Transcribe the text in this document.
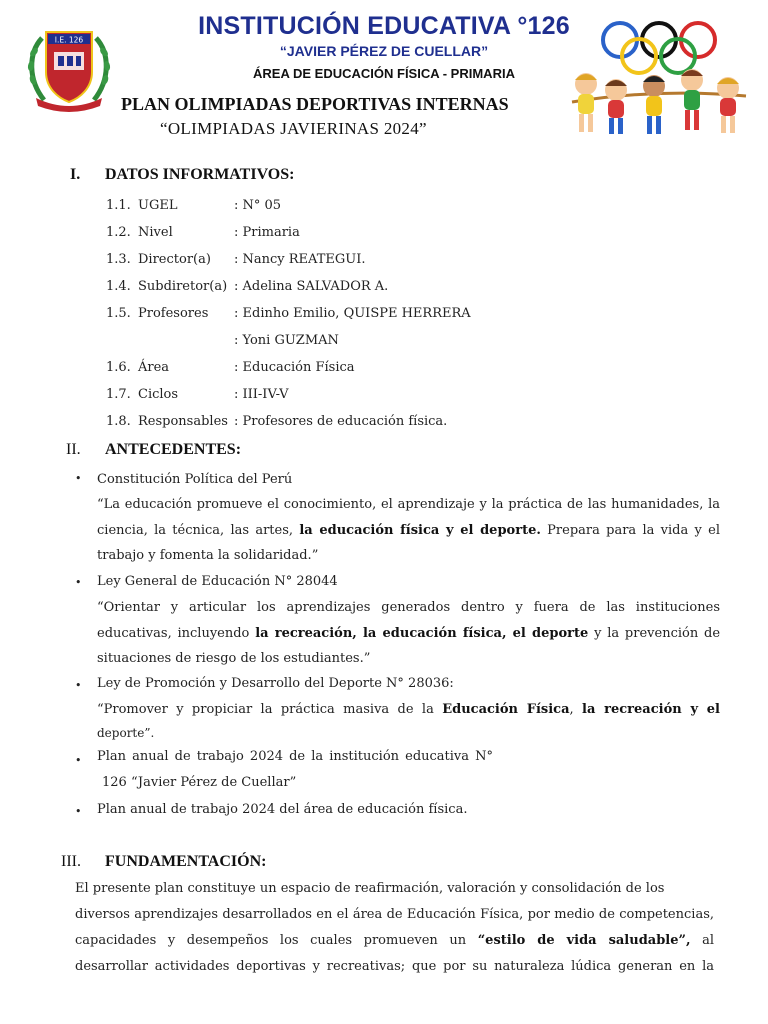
I.E. 126	INSTITUCIÓN EDUCATIVA °126
“JAVIER PÉREZ DE CUELLAR”
ÁREA DE EDUCACIÓN FÍSICA - PRIMARIA
PLAN OLIMPIADAS DEPORTIVAS INTERNAS
“OLIMPIADAS JAVIERINAS 2024”
I. DATOS INFORMATIVOS:
1.1. UGEL	: N° 05
1.2. Nivel	: Primaria
1.3. Director(a) : Nancy REATEGUI.
1.4. Subdiretor(a) : Adelina SALVADOR A.
1.5. Profesores : Edinho Emilio, QUISPE HERRERA
: Yoni GUZMAN
1.6. Área	: Educación Física
1.7. Ciclos	: III-IV-V
1.8. Responsables : Profesores de educación física.
II. ANTECEDENTES:
• Constitución Política del Perú
“La educación promueve el conocimiento, el aprendizaje y la práctica de las humanidades, la
ciencia, la técnica, las artes, la educación física y el deporte. Prepara para la vida y el
trabajo y fomenta la solidaridad.”
• Ley General de Educación N° 28044
“Orientar y articular los aprendizajes generados dentro y fuera de las instituciones
educativas, incluyendo la recreación, la educación física, el deporte y la prevención de
situaciones de riesgo de los estudiantes.”
• Ley de Promoción y Desarrollo del Deporte N° 28036:
“Promover y propiciar la práctica masiva de la Educación Física, la recreación y el
deporte”.
• Plan anual de trabajo 2024 de la institución educativa N°
126 “Javier Pérez de Cuellar”
• Plan anual de trabajo 2024 del área de educación física.
III. FUNDAMENTACIÓN:
El presente plan constituye un espacio de reafirmación, valoración y consolidación de los
diversos aprendizajes desarrollados en el área de Educación Física, por medio de competencias,
capacidades y desempeños los cuales promueven un “estilo de vida saludable”, al
desarrollar actividades deportivas y recreativas; que por su naturaleza lúdica generan en la
